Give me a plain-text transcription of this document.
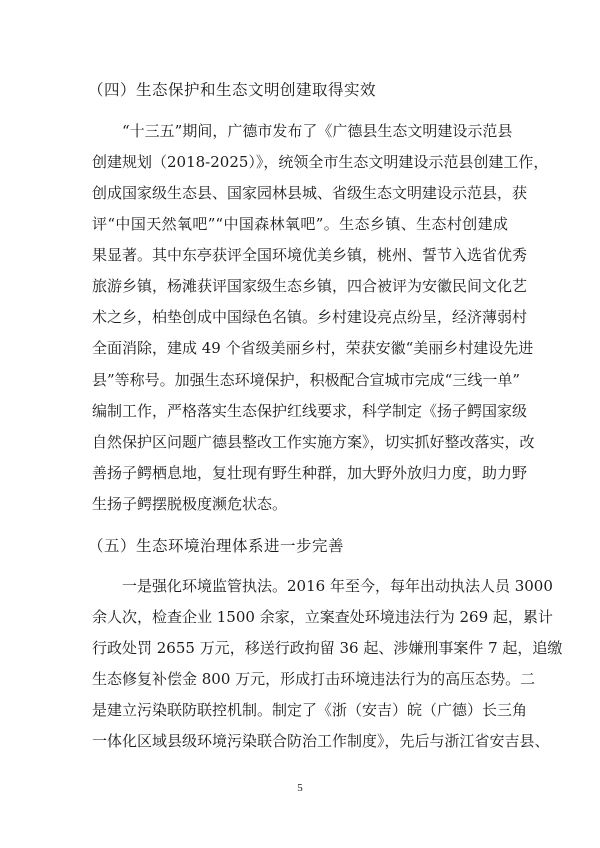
（四）生态保护和生态文明创建取得实效
“十三五”期间，广德市发布了《广德县生态文明建设示范县
创建规划（2018-2025）》，统领全市生态文明建设示范县创建工作，
创成国家级生态县、国家园林县城、省级生态文明建设示范县，获
评“中国天然氧吧”“中国森林氧吧”。生态乡镇、生态村创建成
果显著。其中东亭获评全国环境优美乡镇，桃州、誓节入选省优秀
旅游乡镇，杨滩获评国家级生态乡镇，四合被评为安徽民间文化艺
术之乡，柏垫创成中国绿色名镇。乡村建设亮点纷呈，经济薄弱村
全面消除，建成 49 个省级美丽乡村，荣获安徽“美丽乡村建设先进
县”等称号。加强生态环境保护，积极配合宣城市完成“三线一单”
编制工作，严格落实生态保护红线要求，科学制定《扬子鳄国家级
自然保护区问题广德县整改工作实施方案》，切实抓好整改落实，改
善扬子鳄栖息地，复壮现有野生种群，加大野外放归力度，助力野
生扬子鳄摆脱极度濒危状态。
（五）生态环境治理体系进一步完善
一是强化环境监管执法。2016 年至今，每年出动执法人员 3000
余人次，检查企业 1500 余家，立案查处环境违法行为 269 起，累计
行政处罚 2655 万元，移送行政拘留 36 起、涉嫌刑事案件 7 起，追缴
生态修复补偿金 800 万元，形成打击环境违法行为的高压态势。二
是建立污染联防联控机制。制定了《浙（安吉）皖（广德）长三角
一体化区域县级环境污染联合防治工作制度》，先后与浙江省安吉县、
5
